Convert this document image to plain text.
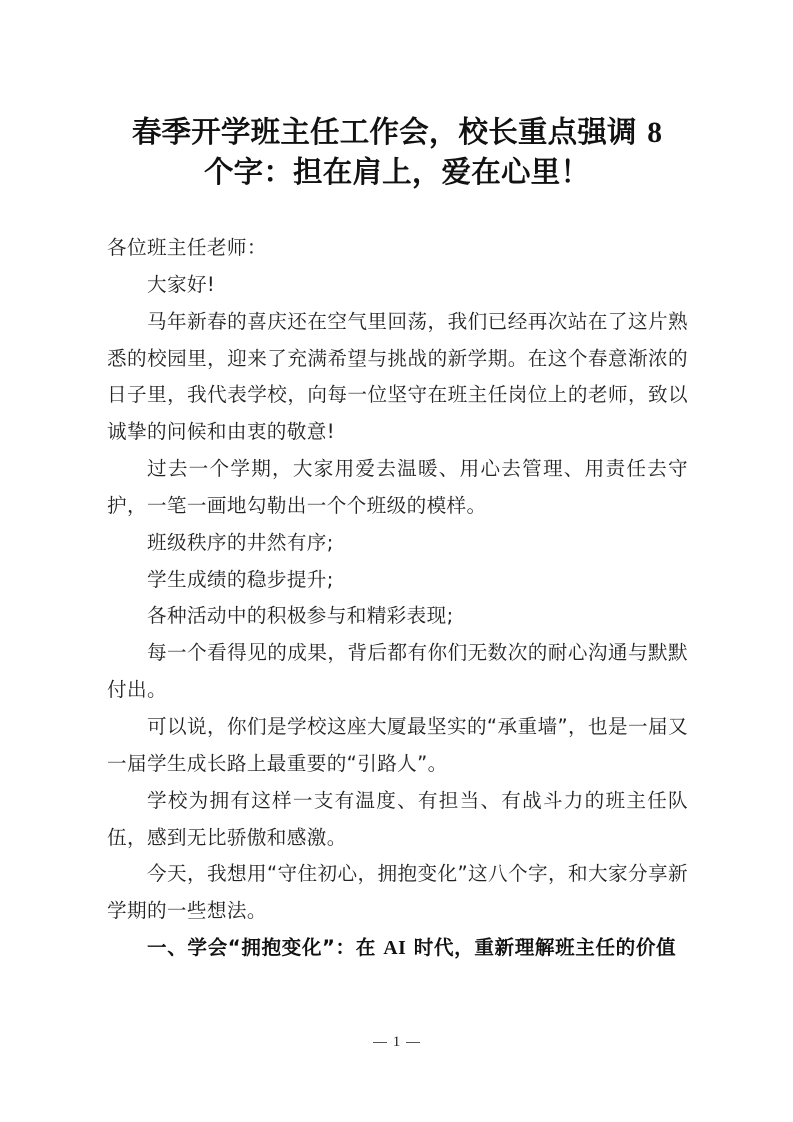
春季开学班主任工作会，校长重点强调 8
个字：担在肩上，爱在心里！

各位班主任老师：

大家好!

马年新春的喜庆还在空气里回荡，我们已经再次站在了这片熟悉的校园里，迎来了充满希望与挑战的新学期。在这个春意渐浓的日子里，我代表学校，向每一位坚守在班主任岗位上的老师，致以诚挚的问候和由衷的敬意!

过去一个学期，大家用爱去温暖、用心去管理、用责任去守护，一笔一画地勾勒出一个个班级的模样。

班级秩序的井然有序;

学生成绩的稳步提升;

各种活动中的积极参与和精彩表现;

每一个看得见的成果，背后都有你们无数次的耐心沟通与默默付出。

可以说，你们是学校这座大厦最坚实的“承重墙”，也是一届又一届学生成长路上最重要的“引路人”。

学校为拥有这样一支有温度、有担当、有战斗力的班主任队伍，感到无比骄傲和感激。

今天，我想用“守住初心，拥抱变化”这八个字，和大家分享新学期的一些想法。

一、学会“拥抱变化”：在 AI 时代，重新理解班主任的价值

1
